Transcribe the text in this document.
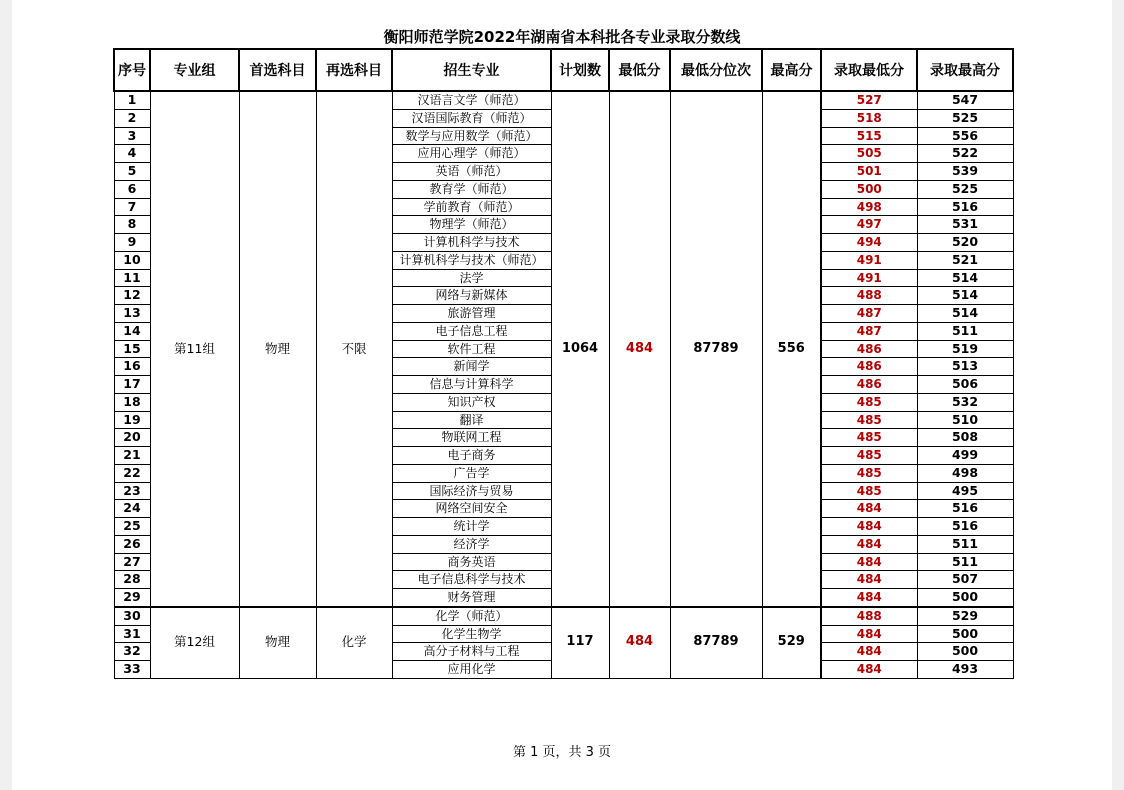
衡阳师范学院2022年湖南省本科批各专业录取分数线
序号	专业组	首选科目	再选科目	招生专业	计划数	最低分	最低分位次	最高分	录取最低分	录取最高分
1	第11组	物理	不限	汉语言文学（师范）	1064	484	87789	556	527	547
2				汉语国际教育（师范）					518	525
3				数学与应用数学（师范）					515	556
4				应用心理学（师范）					505	522
5				英语（师范）					501	539
6				教育学（师范）					500	525
7				学前教育（师范）					498	516
8				物理学（师范）					497	531
9				计算机科学与技术					494	520
10				计算机科学与技术（师范）					491	521
11				法学					491	514
12				网络与新媒体					488	514
13				旅游管理					487	514
14				电子信息工程					487	511
15				软件工程					486	519
16				新闻学					486	513
17				信息与计算科学					486	506
18				知识产权					485	532
19				翻译					485	510
20				物联网工程					485	508
21				电子商务					485	499
22				广告学					485	498
23				国际经济与贸易					485	495
24				网络空间安全					484	516
25				统计学					484	516
26				经济学					484	511
27				商务英语					484	511
28				电子信息科学与技术					484	507
29				财务管理					484	500
30	第12组	物理	化学	化学（师范）	117	484	87789	529	488	529
31				化学生物学					484	500
32				高分子材料与工程					484	500
33				应用化学					484	493
第 1 页，共 3 页
